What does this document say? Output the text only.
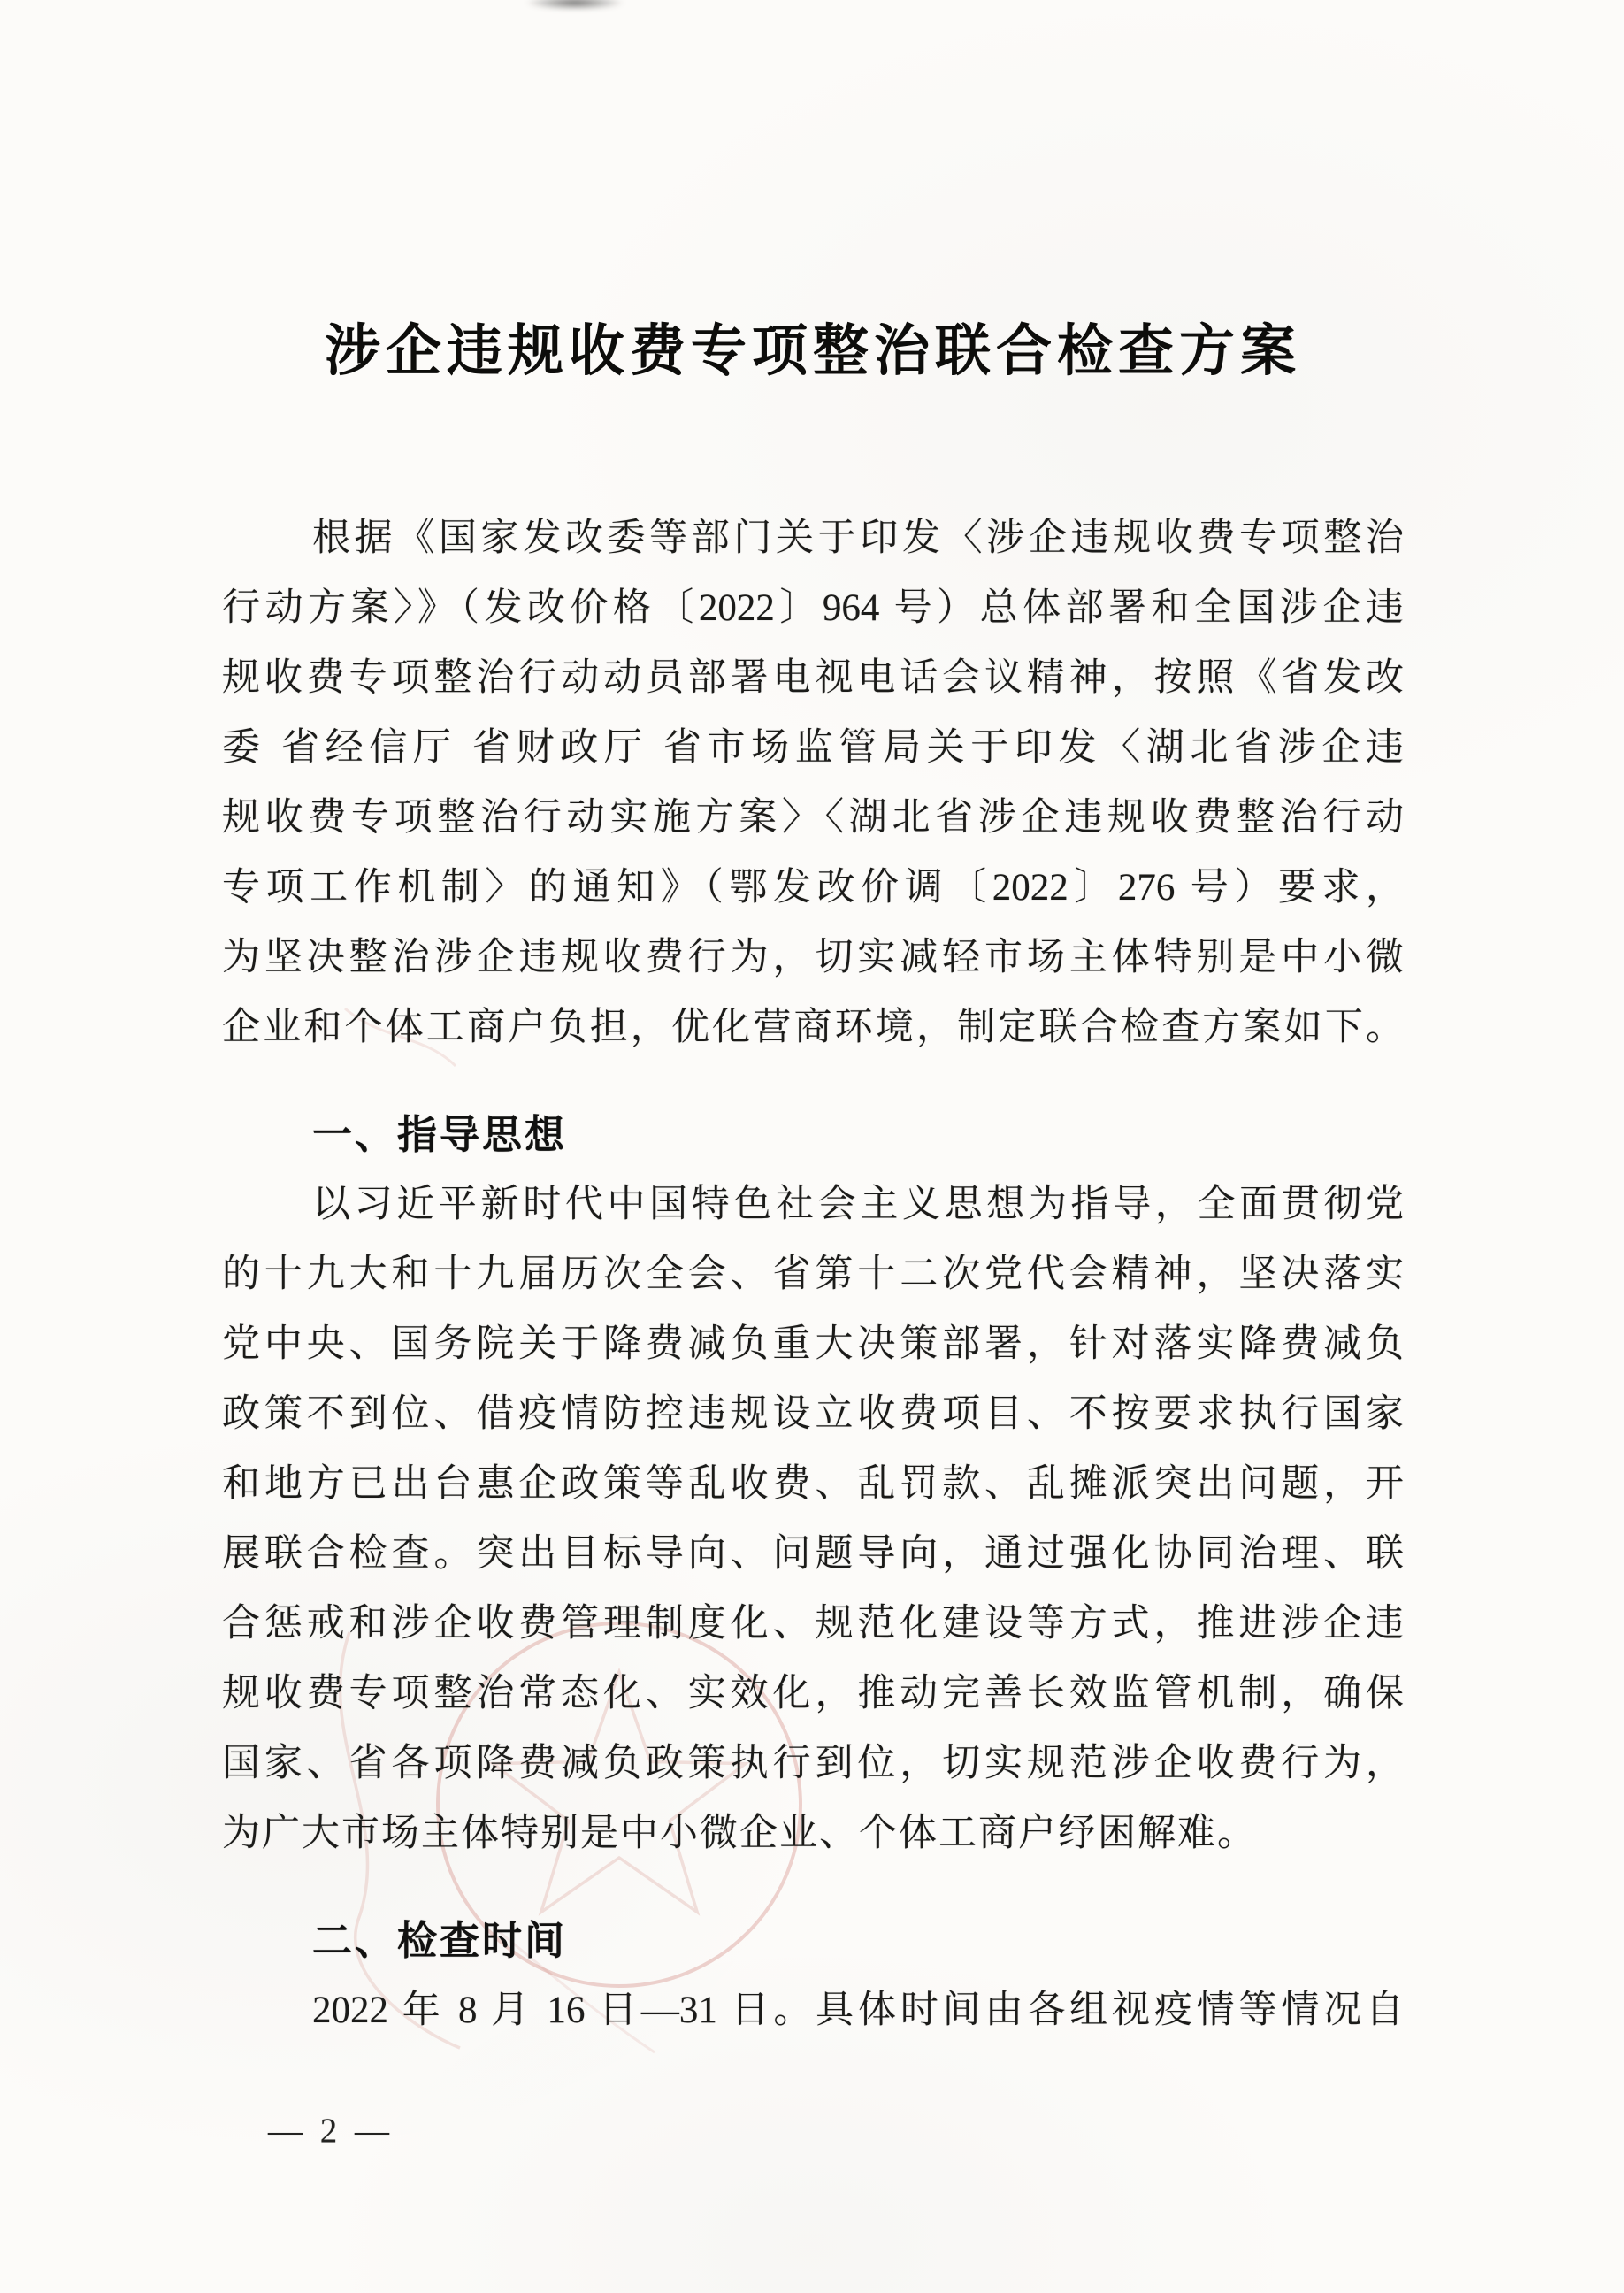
涉企违规收费专项整治联合检查方案
根据《国家发改委等部门关于印发〈涉企违规收费专项整治
行动方案〉》（发改价格〔2022〕964 号）总体部署和全国涉企违
规收费专项整治行动动员部署电视电话会议精神，按照《省发改
委 省经信厅 省财政厅 省市场监管局关于印发〈湖北省涉企违
规收费专项整治行动实施方案〉〈湖北省涉企违规收费整治行动
专项工作机制〉的通知》（鄂发改价调〔2022〕276 号）要求，
为坚决整治涉企违规收费行为，切实减轻市场主体特别是中小微
企业和个体工商户负担，优化营商环境，制定联合检查方案如下。
一、指导思想
以习近平新时代中国特色社会主义思想为指导，全面贯彻党
的十九大和十九届历次全会、省第十二次党代会精神，坚决落实
党中央、国务院关于降费减负重大决策部署，针对落实降费减负
政策不到位、借疫情防控违规设立收费项目、不按要求执行国家
和地方已出台惠企政策等乱收费、乱罚款、乱摊派突出问题，开
展联合检查。突出目标导向、问题导向，通过强化协同治理、联
合惩戒和涉企收费管理制度化、规范化建设等方式，推进涉企违
规收费专项整治常态化、实效化，推动完善长效监管机制，确保
国家、省各项降费减负政策执行到位，切实规范涉企收费行为，
为广大市场主体特别是中小微企业、个体工商户纾困解难。
二、检查时间
2022 年 8 月 16 日—31 日。具体时间由各组视疫情等情况自
— 2 —
